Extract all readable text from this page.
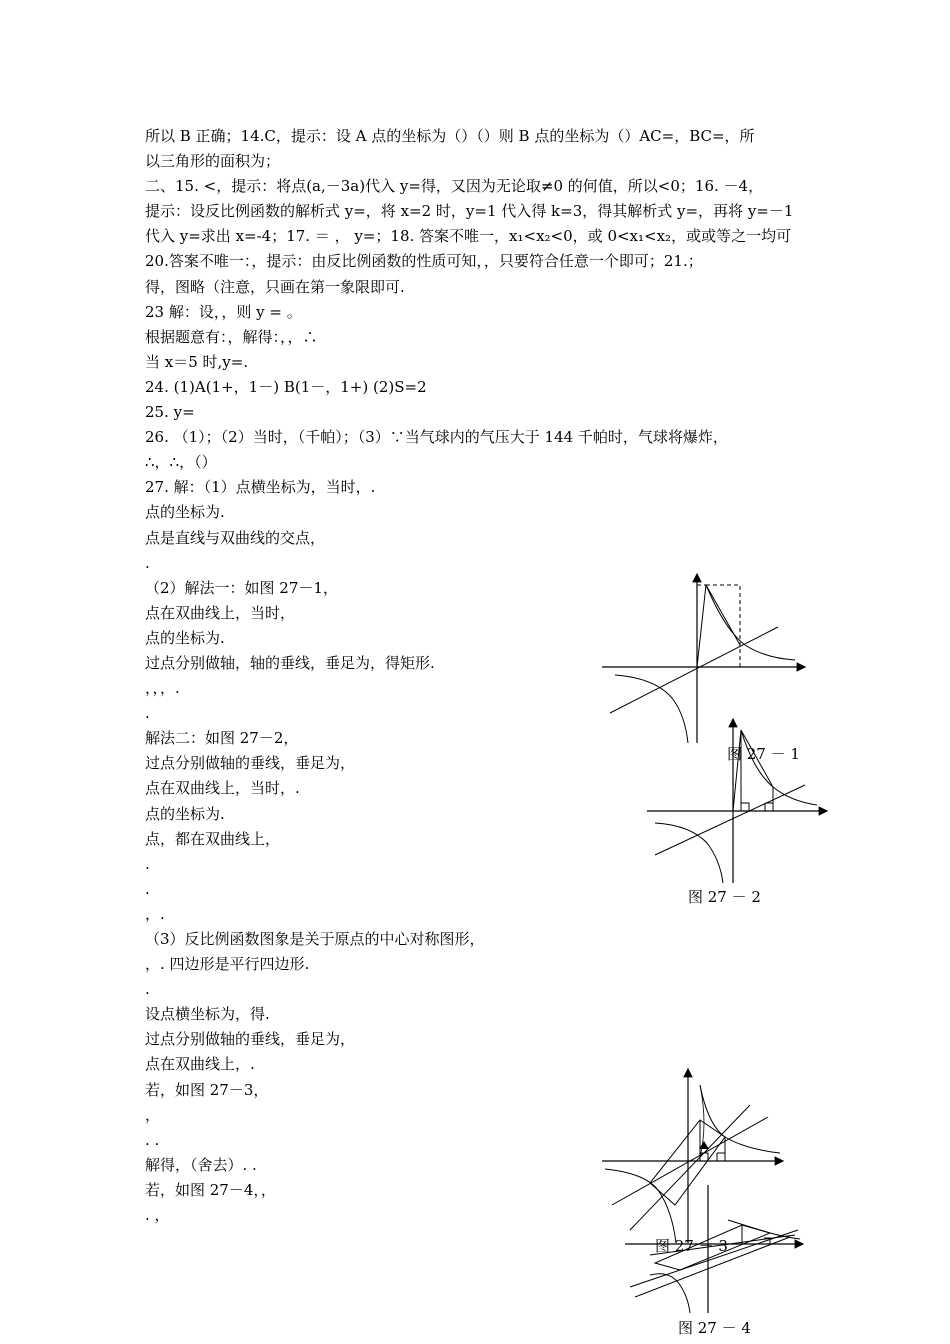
所以 B 正确；14.C，提示：设 A 点的坐标为（）（）则 B 点的坐标为（）AC=，BC=，所
以三角形的面积为；
二、15. <，提示：将点(a,－3a)代入 y=得，又因为无论取≠0 的何值，所以<0；16. －4，
提示：设反比例函数的解析式 y=，将 x=2 时，y=1 代入得 k=3，得其解析式 y=，再将 y=－1
代入 y=求出 x=-4；17. ＝ ， y=；18. 答案不唯一，x₁<x₂<0，或 0<x₁<x₂，或或等之一均可
20.答案不唯一：，提示：由反比例函数的性质可知，，只要符合任意一个即可；21.；
得，图略（注意，只画在第一象限即可.
23 解：设，，则 y = 。
根据题意有：，解得：，，∴
当 x＝5 时,y=.
24. (1)A(1+，1－) B(1－，1+) (2)S=2
25. y=
26. （1）；（2）当时，（千帕）；（3）∵当气球内的气压大于 144 千帕时，气球将爆炸，
∴，∴，（）
27. 解：（1）点横坐标为，当时，.
点的坐标为.
点是直线与双曲线的交点，
.
（2）解法一：如图 27－1，
点在双曲线上，当时，
点的坐标为.
过点分别做轴，轴的垂线，垂足为，得矩形.
，，，.
.
解法二：如图 27－2，
过点分别做轴的垂线，垂足为，
点在双曲线上，当时，.
点的坐标为.
点，都在双曲线上，
.
.
，.
（3）反比例函数图象是关于原点的中心对称图形，
，. 四边形是平行四边形.
.
设点横坐标为，得.
过点分别做轴的垂线，垂足为，
点在双曲线上，.
若，如图 27－3，
，
. .
解得，（舍去）. .
若，如图 27－4，，
. ，
图 27 － 1
图 27 － 2
图 27 － 3
图 27 － 4
